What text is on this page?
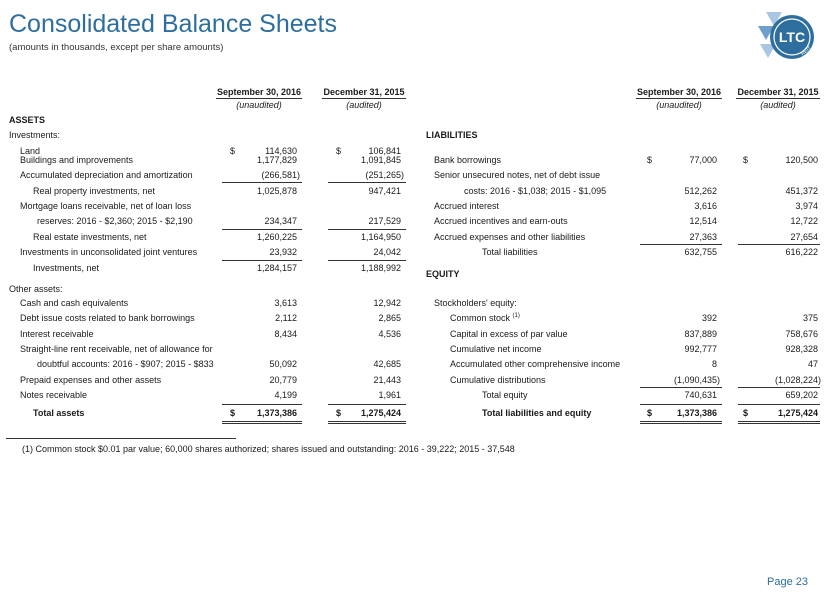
Consolidated Balance Sheets
(amounts in thousands, except per share amounts)
LTC
REIT
September 30, 2016	December 31, 2015
(unaudited)	(audited)
September 30, 2016	December 31, 2015
(unaudited)	(audited)
ASSETS
Investments:
Land	$	114,630	$	106,841
Buildings and improvements	1,177,829	1,091,845
Accumulated depreciation and amortization	(266,581)	(251,265)
Real property investments, net	1,025,878	947,421
Mortgage loans receivable, net of loan loss
reserves: 2016 - $2,360; 2015 - $2,190	234,347	217,529
Real estate investments, net	1,260,225	1,164,950
Investments in unconsolidated joint ventures	23,932	24,042
Investments, net	1,284,157	1,188,992
Other assets:
Cash and cash equivalents	3,613	12,942
Debt issue costs related to bank borrowings	2,112	2,865
Interest receivable	8,434	4,536
Straight-line rent receivable, net of allowance for
doubtful accounts: 2016 - $907; 2015 - $833	50,092	42,685
Prepaid expenses and other assets	20,779	21,443
Notes receivable	4,199	1,961
Total assets	$	1,373,386	$	1,275,424
LIABILITIES
Bank borrowings	$	77,000	$	120,500
Senior unsecured notes, net of debt issue
costs: 2016 - $1,038; 2015 - $1,095	512,262	451,372
Accrued interest	3,616	3,974
Accrued incentives and earn-outs	12,514	12,722
Accrued expenses and other liabilities	27,363	27,654
Total liabilities	632,755	616,222
EQUITY
Stockholders' equity:
Common stock $^{(1)}$	392	375
Capital in excess of par value	837,889	758,676
Cumulative net income	992,777	928,328
Accumulated other comprehensive income	8	47
Cumulative distributions	(1,090,435)	(1,028,224)
Total equity	740,631	659,202
Total liabilities and equity	$	1,373,386	$	1,275,424
(1) Common stock $0.01 par value; 60,000 shares authorized; shares issued and outstanding: 2016 - 39,222; 2015 - 37,548
Page 23
